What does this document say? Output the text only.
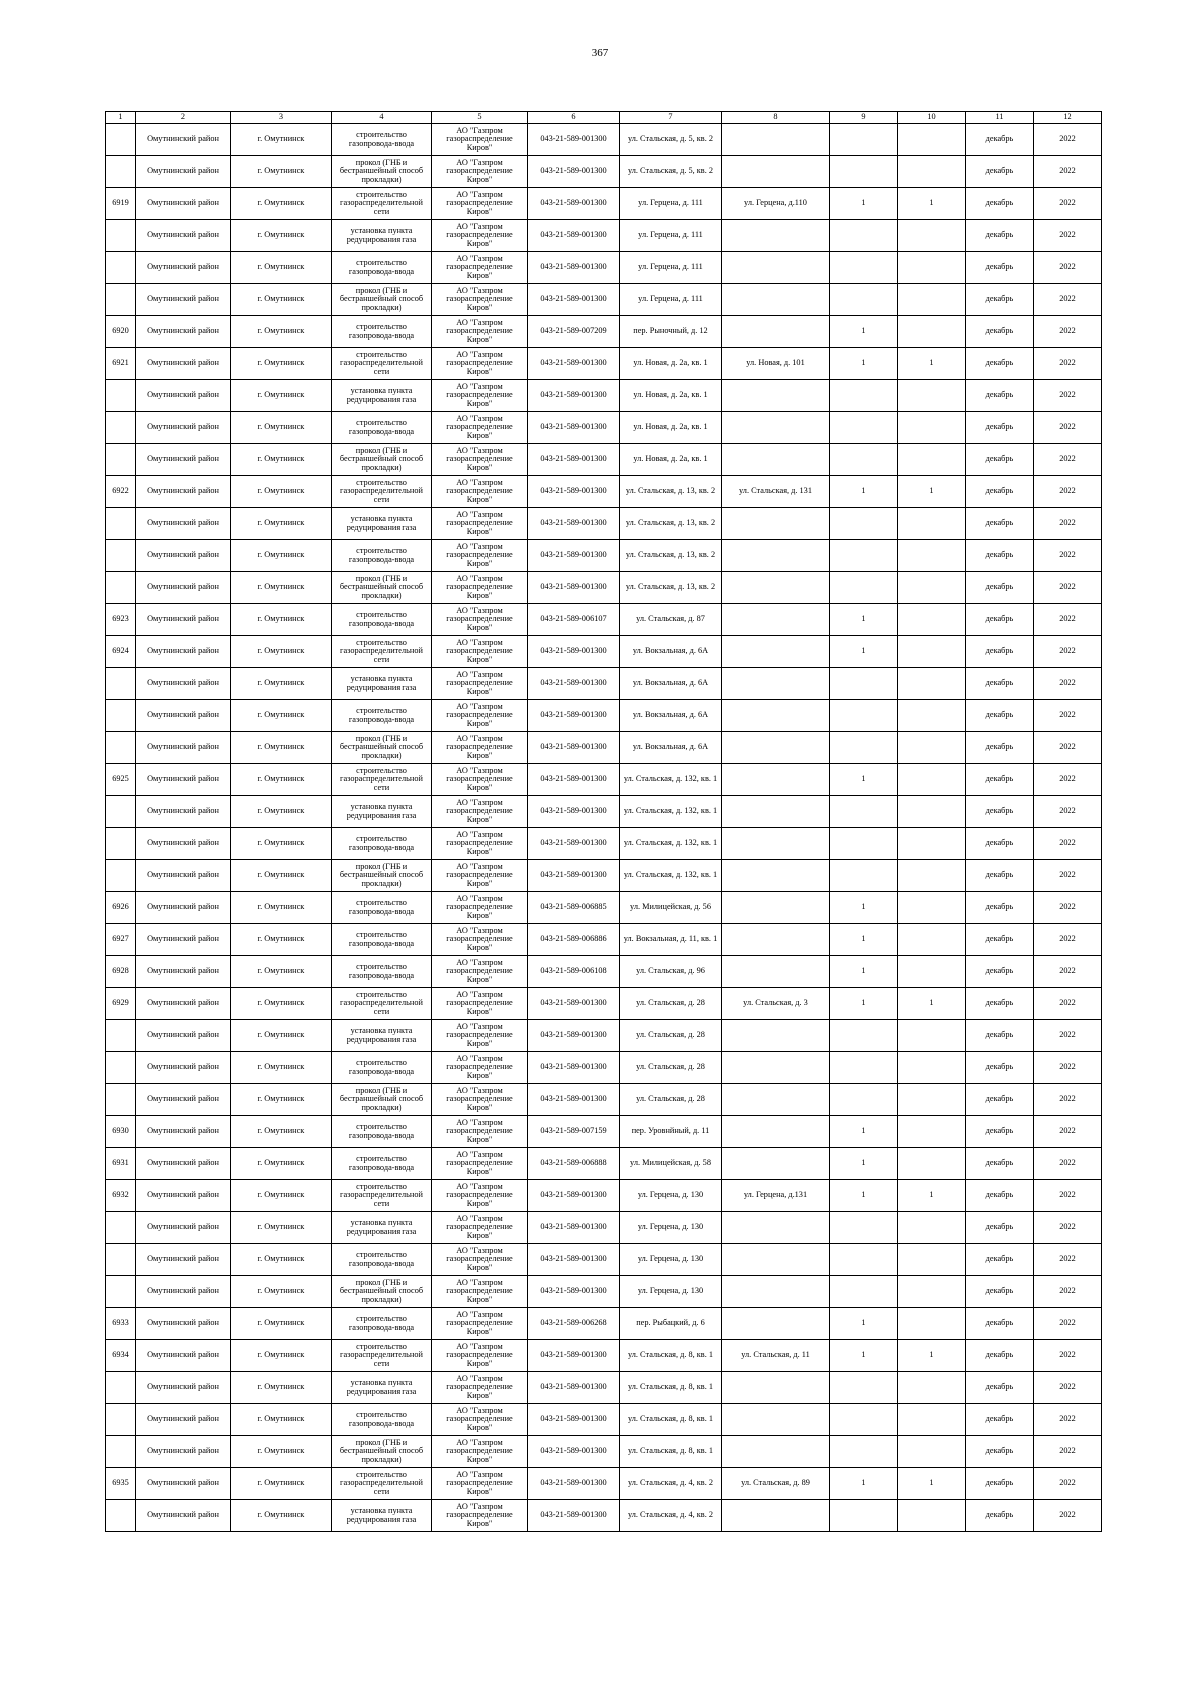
367
1	2	3	4	5	6	7	8	9	10	11	12
	Омутнинский район	г. Омутнинск	строительство газопровода-ввода	АО "Газпром газораспределение Киров"	043-21-589-001300	ул. Стальская, д. 5, кв. 2				декабрь	2022
	Омутнинский район	г. Омутнинск	прокол (ГНБ и бестраншейный способ прокладки)	АО "Газпром газораспределение Киров"	043-21-589-001300	ул. Стальская, д. 5, кв. 2				декабрь	2022
6919	Омутнинский район	г. Омутнинск	строительство газораспределительной сети	АО "Газпром газораспределение Киров"	043-21-589-001300	ул. Герцена, д. 111	ул. Герцена, д.110	1	1	декабрь	2022
	Омутнинский район	г. Омутнинск	установка пункта редуцирования газа	АО "Газпром газораспределение Киров"	043-21-589-001300	ул. Герцена, д. 111				декабрь	2022
	Омутнинский район	г. Омутнинск	строительство газопровода-ввода	АО "Газпром газораспределение Киров"	043-21-589-001300	ул. Герцена, д. 111				декабрь	2022
	Омутнинский район	г. Омутнинск	прокол (ГНБ и бестраншейный способ прокладки)	АО "Газпром газораспределение Киров"	043-21-589-001300	ул. Герцена, д. 111				декабрь	2022
6920	Омутнинский район	г. Омутнинск	строительство газопровода-ввода	АО "Газпром газораспределение Киров"	043-21-589-007209	пер. Рыночный, д. 12		1		декабрь	2022
6921	Омутнинский район	г. Омутнинск	строительство газораспределительной сети	АО "Газпром газораспределение Киров"	043-21-589-001300	ул. Новая, д. 2а, кв. 1	ул. Новая, д. 101	1	1	декабрь	2022
	Омутнинский район	г. Омутнинск	установка пункта редуцирования газа	АО "Газпром газораспределение Киров"	043-21-589-001300	ул. Новая, д. 2а, кв. 1				декабрь	2022
	Омутнинский район	г. Омутнинск	строительство газопровода-ввода	АО "Газпром газораспределение Киров"	043-21-589-001300	ул. Новая, д. 2а, кв. 1				декабрь	2022
	Омутнинский район	г. Омутнинск	прокол (ГНБ и бестраншейный способ прокладки)	АО "Газпром газораспределение Киров"	043-21-589-001300	ул. Новая, д. 2а, кв. 1				декабрь	2022
6922	Омутнинский район	г. Омутнинск	строительство газораспределительной сети	АО "Газпром газораспределение Киров"	043-21-589-001300	ул. Стальская, д. 13, кв. 2	ул. Стальская, д. 131	1	1	декабрь	2022
	Омутнинский район	г. Омутнинск	установка пункта редуцирования газа	АО "Газпром газораспределение Киров"	043-21-589-001300	ул. Стальская, д. 13, кв. 2				декабрь	2022
	Омутнинский район	г. Омутнинск	строительство газопровода-ввода	АО "Газпром газораспределение Киров"	043-21-589-001300	ул. Стальская, д. 13, кв. 2				декабрь	2022
	Омутнинский район	г. Омутнинск	прокол (ГНБ и бестраншейный способ прокладки)	АО "Газпром газораспределение Киров"	043-21-589-001300	ул. Стальская, д. 13, кв. 2				декабрь	2022
6923	Омутнинский район	г. Омутнинск	строительство газопровода-ввода	АО "Газпром газораспределение Киров"	043-21-589-006107	ул. Стальская, д. 87		1		декабрь	2022
6924	Омутнинский район	г. Омутнинск	строительство газораспределительной сети	АО "Газпром газораспределение Киров"	043-21-589-001300	ул. Вокзальная, д. 6А		1		декабрь	2022
	Омутнинский район	г. Омутнинск	установка пункта редуцирования газа	АО "Газпром газораспределение Киров"	043-21-589-001300	ул. Вокзальная, д. 6А				декабрь	2022
	Омутнинский район	г. Омутнинск	строительство газопровода-ввода	АО "Газпром газораспределение Киров"	043-21-589-001300	ул. Вокзальная, д. 6А				декабрь	2022
	Омутнинский район	г. Омутнинск	прокол (ГНБ и бестраншейный способ прокладки)	АО "Газпром газораспределение Киров"	043-21-589-001300	ул. Вокзальная, д. 6А				декабрь	2022
6925	Омутнинский район	г. Омутнинск	строительство газораспределительной сети	АО "Газпром газораспределение Киров"	043-21-589-001300	ул. Стальская, д. 132, кв. 1		1		декабрь	2022
	Омутнинский район	г. Омутнинск	установка пункта редуцирования газа	АО "Газпром газораспределение Киров"	043-21-589-001300	ул. Стальская, д. 132, кв. 1				декабрь	2022
	Омутнинский район	г. Омутнинск	строительство газопровода-ввода	АО "Газпром газораспределение Киров"	043-21-589-001300	ул. Стальская, д. 132, кв. 1				декабрь	2022
	Омутнинский район	г. Омутнинск	прокол (ГНБ и бестраншейный способ прокладки)	АО "Газпром газораспределение Киров"	043-21-589-001300	ул. Стальская, д. 132, кв. 1				декабрь	2022
6926	Омутнинский район	г. Омутнинск	строительство газопровода-ввода	АО "Газпром газораспределение Киров"	043-21-589-006885	ул. Милицейская, д. 56		1		декабрь	2022
6927	Омутнинский район	г. Омутнинск	строительство газопровода-ввода	АО "Газпром газораспределение Киров"	043-21-589-006886	ул. Вокзальная, д. 11, кв. 1		1		декабрь	2022
6928	Омутнинский район	г. Омутнинск	строительство газопровода-ввода	АО "Газпром газораспределение Киров"	043-21-589-006108	ул. Стальская, д. 96		1		декабрь	2022
6929	Омутнинский район	г. Омутнинск	строительство газораспределительной сети	АО "Газпром газораспределение Киров"	043-21-589-001300	ул. Стальская, д. 28	ул. Стальская, д. 3	1	1	декабрь	2022
	Омутнинский район	г. Омутнинск	установка пункта редуцирования газа	АО "Газпром газораспределение Киров"	043-21-589-001300	ул. Стальская, д. 28				декабрь	2022
	Омутнинский район	г. Омутнинск	строительство газопровода-ввода	АО "Газпром газораспределение Киров"	043-21-589-001300	ул. Стальская, д. 28				декабрь	2022
	Омутнинский район	г. Омутнинск	прокол (ГНБ и бестраншейный способ прокладки)	АО "Газпром газораспределение Киров"	043-21-589-001300	ул. Стальская, д. 28				декабрь	2022
6930	Омутнинский район	г. Омутнинск	строительство газопровода-ввода	АО "Газпром газораспределение Киров"	043-21-589-007159	пер. Уровнйный, д. 11		1		декабрь	2022
6931	Омутнинский район	г. Омутнинск	строительство газопровода-ввода	АО "Газпром газораспределение Киров"	043-21-589-006888	ул. Милицейская, д. 58		1		декабрь	2022
6932	Омутнинский район	г. Омутнинск	строительство газораспределительной сети	АО "Газпром газораспределение Киров"	043-21-589-001300	ул. Герцена, д. 130	ул. Герцена, д.131	1	1	декабрь	2022
	Омутнинский район	г. Омутнинск	установка пункта редуцирования газа	АО "Газпром газораспределение Киров"	043-21-589-001300	ул. Герцена, д. 130				декабрь	2022
	Омутнинский район	г. Омутнинск	строительство газопровода-ввода	АО "Газпром газораспределение Киров"	043-21-589-001300	ул. Герцена, д. 130				декабрь	2022
	Омутнинский район	г. Омутнинск	прокол (ГНБ и бестраншейный способ прокладки)	АО "Газпром газораспределение Киров"	043-21-589-001300	ул. Герцена, д. 130				декабрь	2022
6933	Омутнинский район	г. Омутнинск	строительство газопровода-ввода	АО "Газпром газораспределение Киров"	043-21-589-006268	пер. Рыбацкий, д. 6		1		декабрь	2022
6934	Омутнинский район	г. Омутнинск	строительство газораспределительной сети	АО "Газпром газораспределение Киров"	043-21-589-001300	ул. Стальская, д. 8, кв. 1	ул. Стальская, д. 11	1	1	декабрь	2022
	Омутнинский район	г. Омутнинск	установка пункта редуцирования газа	АО "Газпром газораспределение Киров"	043-21-589-001300	ул. Стальская, д. 8, кв. 1				декабрь	2022
	Омутнинский район	г. Омутнинск	строительство газопровода-ввода	АО "Газпром газораспределение Киров"	043-21-589-001300	ул. Стальская, д. 8, кв. 1				декабрь	2022
	Омутнинский район	г. Омутнинск	прокол (ГНБ и бестраншейный способ прокладки)	АО "Газпром газораспределение Киров"	043-21-589-001300	ул. Стальская, д. 8, кв. 1				декабрь	2022
6935	Омутнинский район	г. Омутнинск	строительство газораспределительной сети	АО "Газпром газораспределение Киров"	043-21-589-001300	ул. Стальская, д. 4, кв. 2	ул. Стальская, д. 89	1	1	декабрь	2022
	Омутнинский район	г. Омутнинск	установка пункта редуцирования газа	АО "Газпром газораспределение Киров"	043-21-589-001300	ул. Стальская, д. 4, кв. 2				декабрь	2022
